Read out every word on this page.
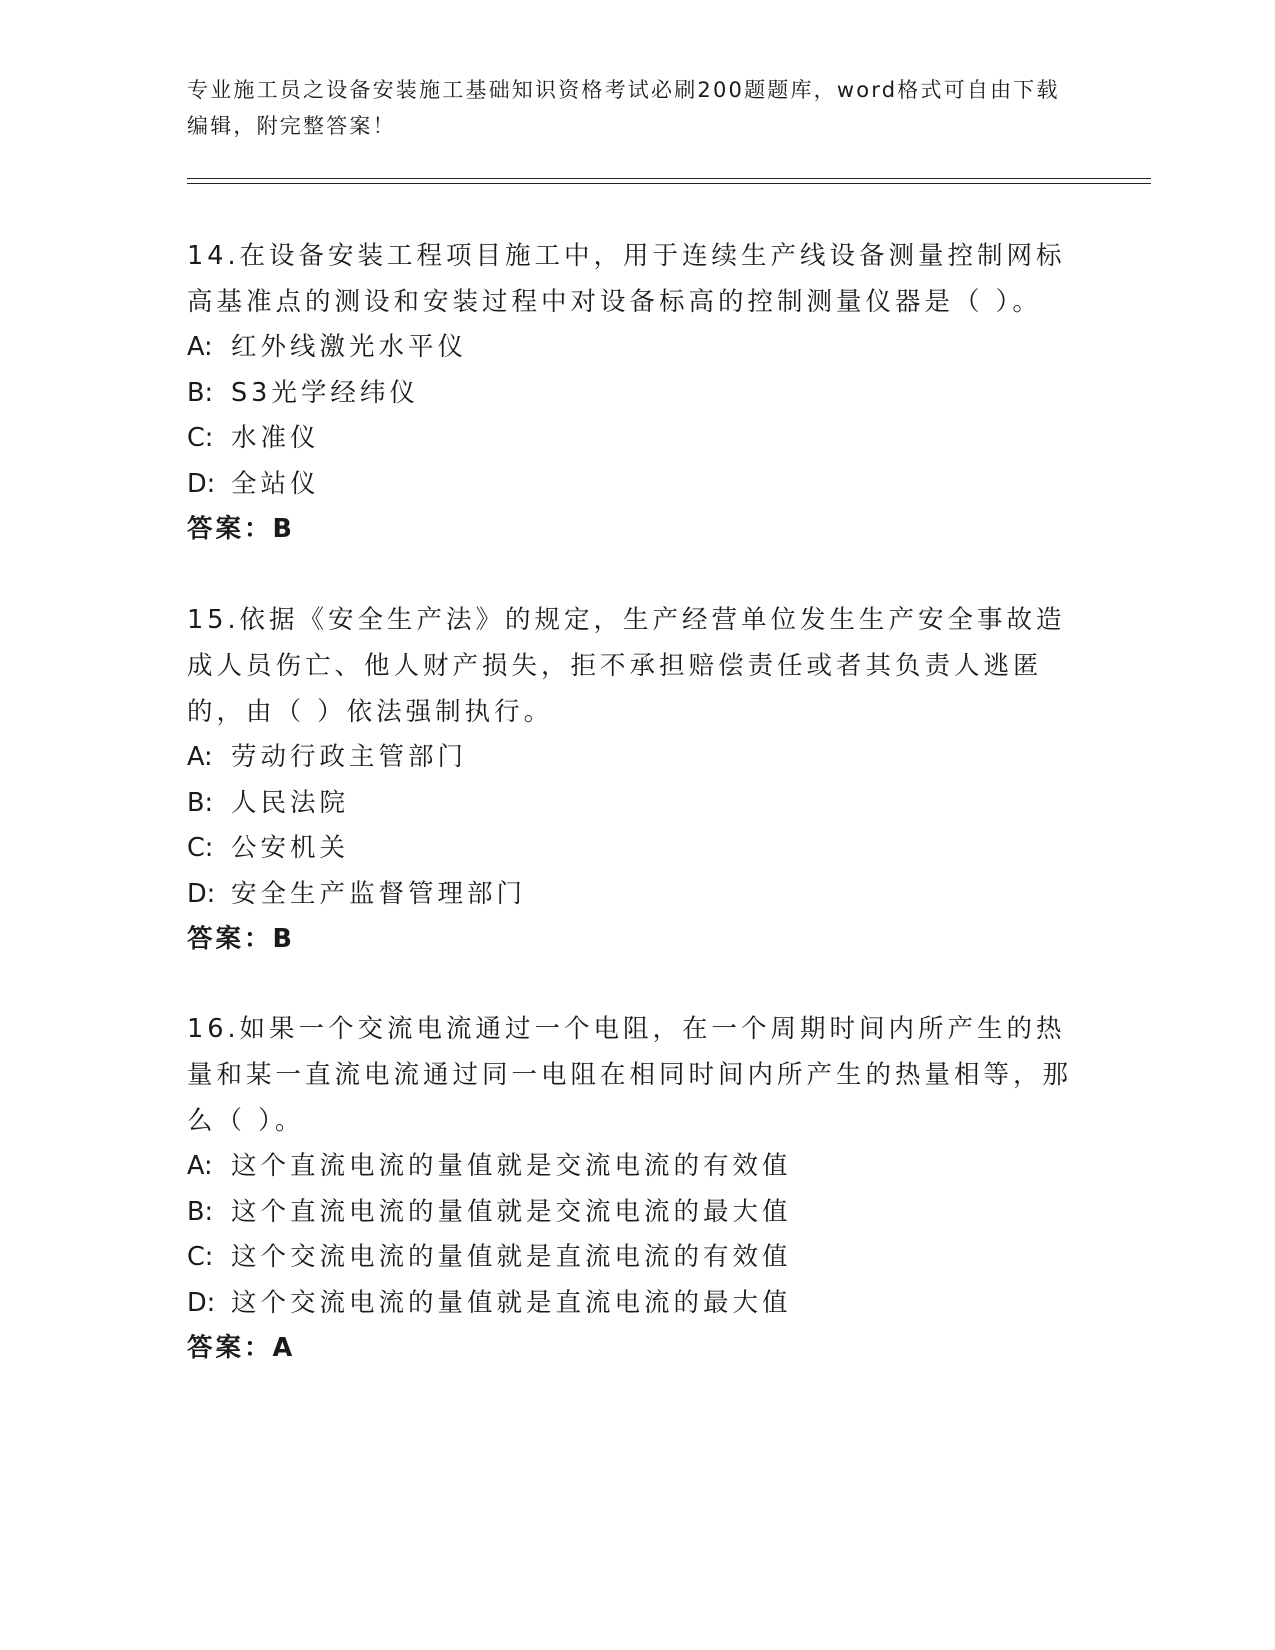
专业施工员之设备安装施工基础知识资格考试必刷200题题库，word格式可自由下载编辑，附完整答案！

14.在设备安装工程项目施工中，用于连续生产线设备测量控制网标高基准点的测设和安装过程中对设备标高的控制测量仪器是（ ）。

A: 红外线激光水平仪

B: S3光学经纬仪

C: 水准仪

D: 全站仪

答案：B

15.依据《安全生产法》的规定，生产经营单位发生生产安全事故造成人员伤亡、他人财产损失，拒不承担赔偿责任或者其负责人逃匿的，由（ ）依法强制执行。

A: 劳动行政主管部门

B: 人民法院

C: 公安机关

D: 安全生产监督管理部门

答案：B

16.如果一个交流电流通过一个电阻，在一个周期时间内所产生的热量和某一直流电流通过同一电阻在相同时间内所产生的热量相等，那么（ ）。

A: 这个直流电流的量值就是交流电流的有效值

B: 这个直流电流的量值就是交流电流的最大值

C: 这个交流电流的量值就是直流电流的有效值

D: 这个交流电流的量值就是直流电流的最大值

答案：A
